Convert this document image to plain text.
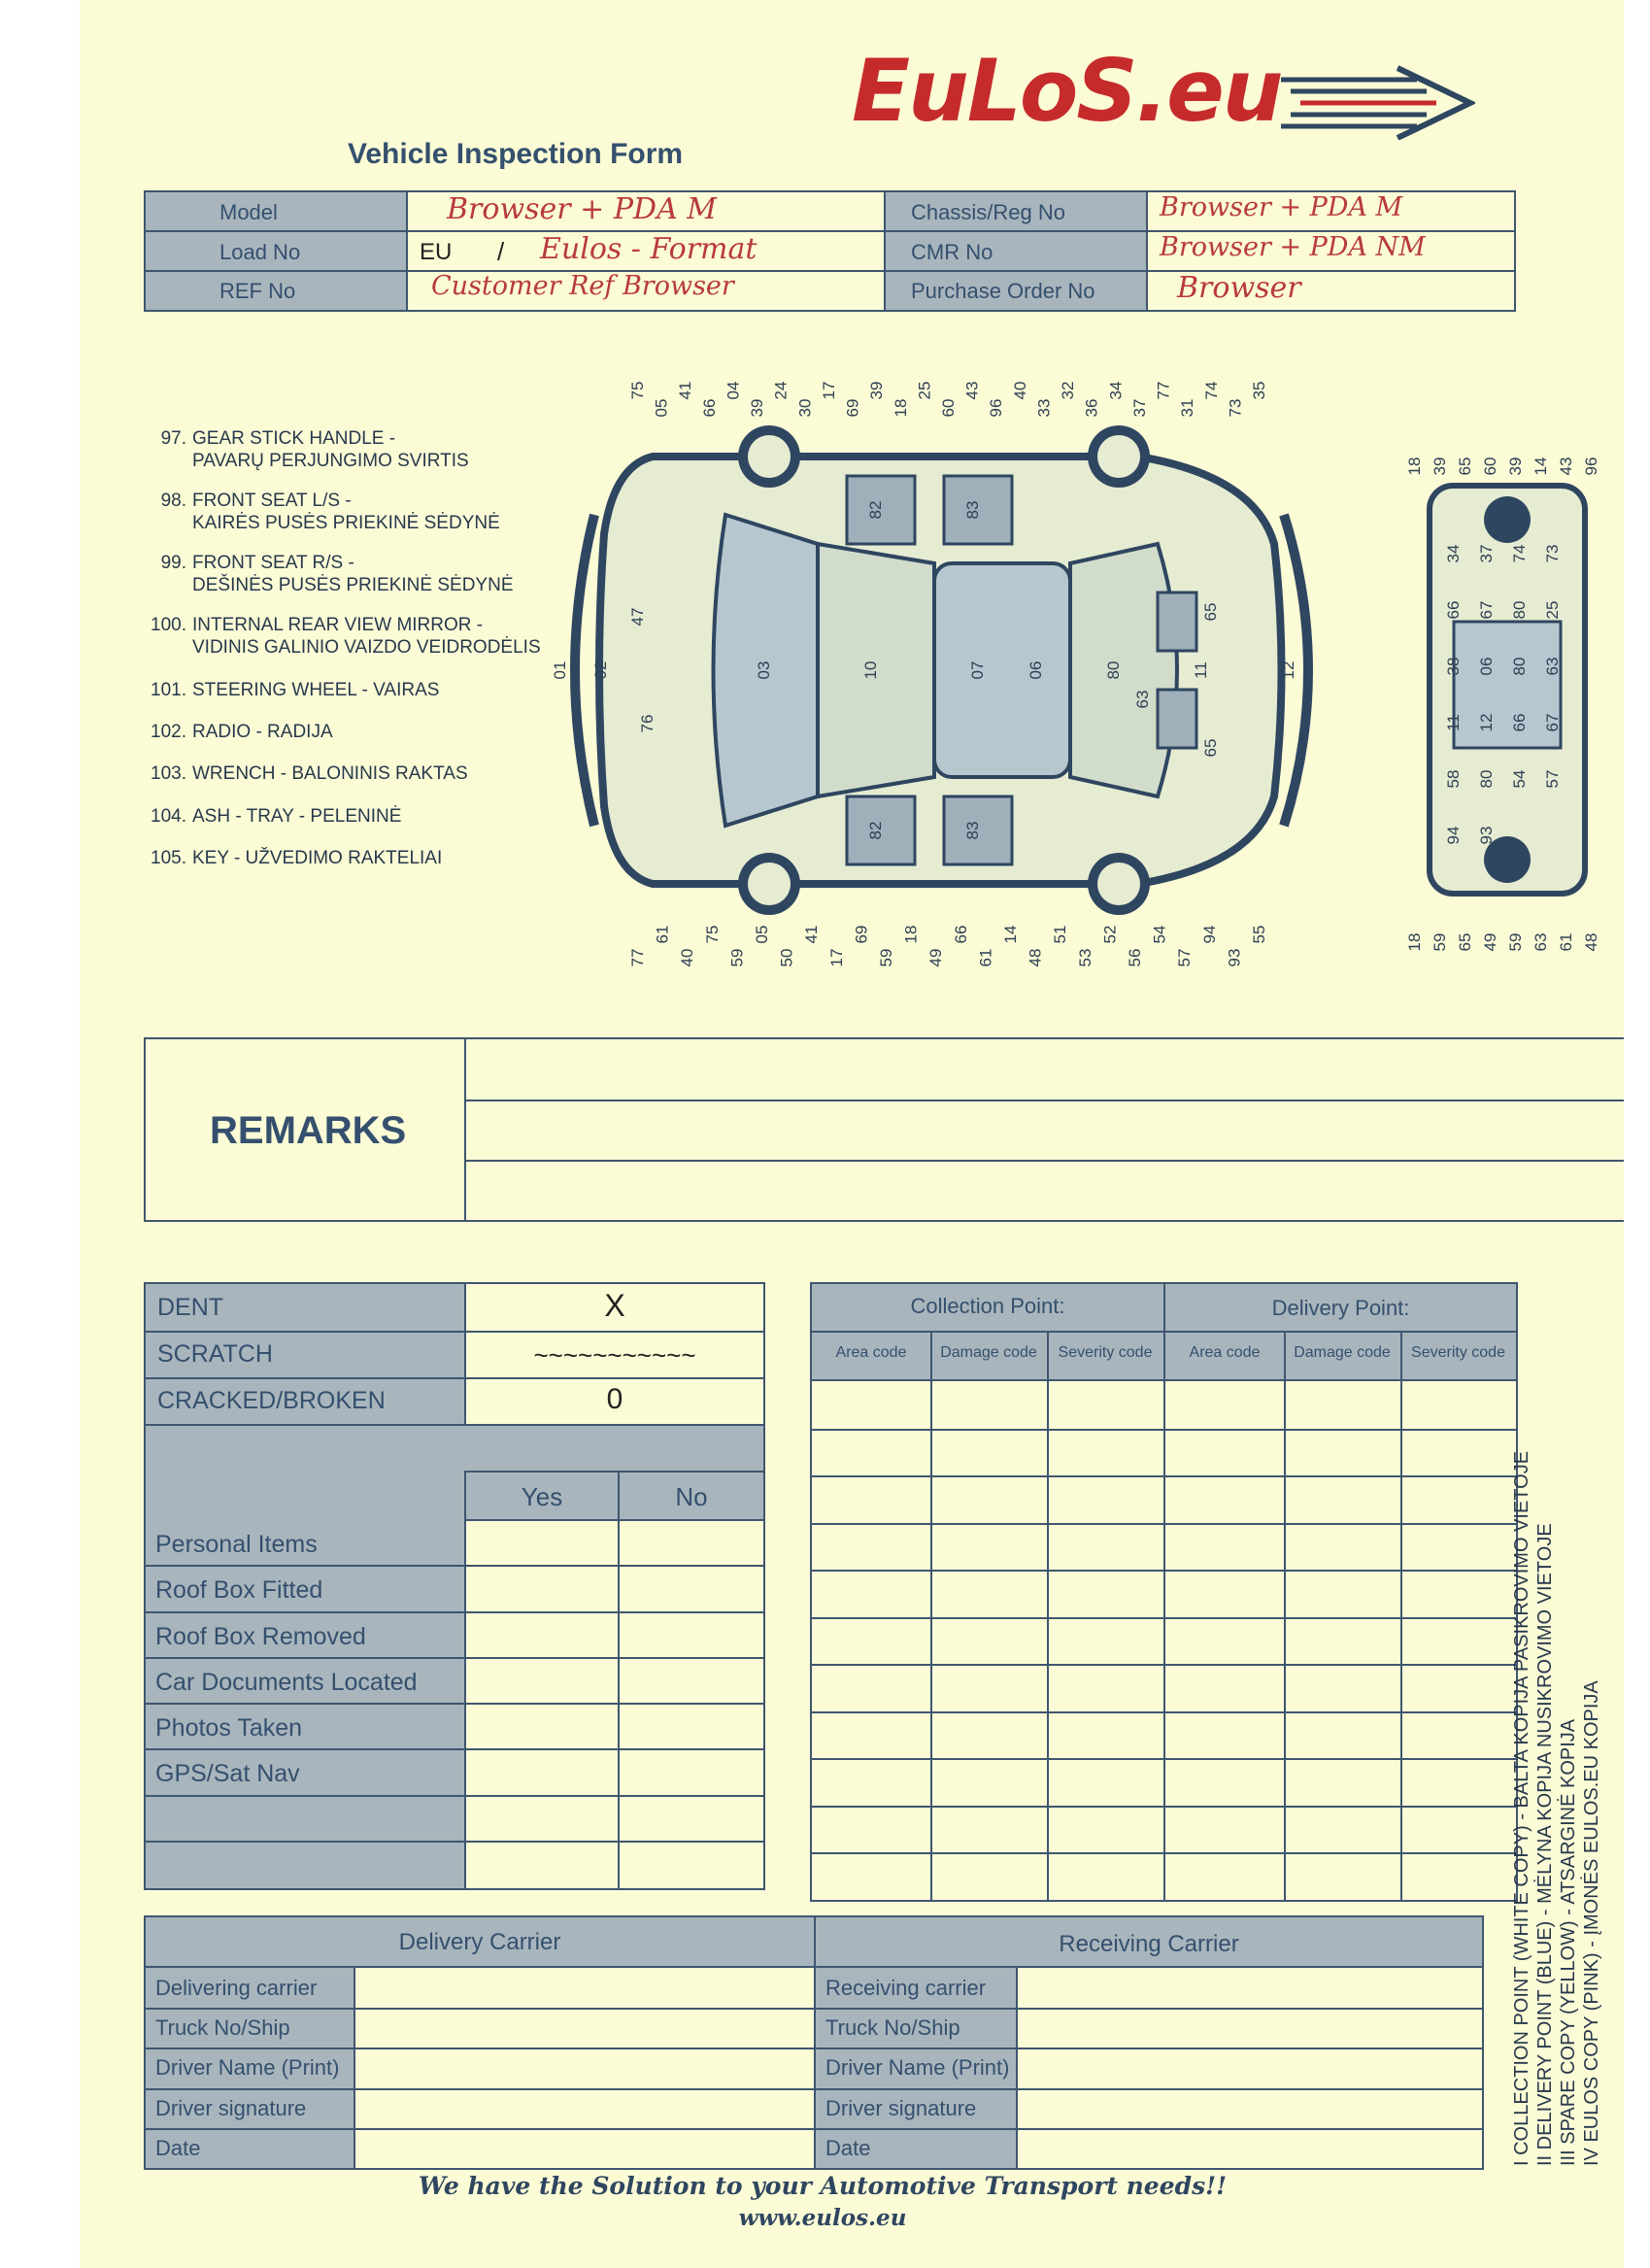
EuLoS.eu
Vehicle Inspection Form
Model	Browser + PDA M	Chassis/Reg No	Browser + PDA M
Load No	EU / Eulos - Format	CMR No	Browser + PDA NM
REF No	Customer Ref Browser	Purchase Order No	Browser
97. GEAR STICK HANDLE -
PAVARŲ PERJUNGIMO SVIRTIS
98. FRONT SEAT L/S -
KAIRĖS PUSĖS PRIEKINĖ SĖDYNĖ
99. FRONT SEAT R/S -
DEŠINĖS PUSĖS PRIEKINĖ SĖDYNĖ
100. INTERNAL REAR VIEW MIRROR -
VIDINIS GALINIO VAIZDO VEIDRODĖLIS
101. STEERING WHEEL - VAIRAS
102. RADIO - RADIJA
103. WRENCH - BALONINIS RAKTAS
104. ASH - TRAY - PELENINĖ
105. KEY - UŽVEDIMO RAKTELIAI
01 02
47
76
03	10	07 06	11
80
63
65
12
82	83
82	83
65
75
05
41
66
04
39
24
30
17
69
39
18
25
60
43
96
40
33
32
36
34
37
77
31
74
73
35
77
61
40
75
59
05
50
41
17
69
59
18
49
66
61
14
48
51
53
52
56
54
57
94
93
55
18 39 65 60 39 14 43 96
18 59 65 49 59 63 61 48
34 37 74 73
66 67 80 25
38 06 80 63
11 12 66 67
58 80 54 57
94 93
REMARKS
DENT	X
SCRATCH	~~~~~~~~~~~
CRACKED/BROKEN	0
Yes	No
Personal Items
Roof Box Fitted
Roof Box Removed
Car Documents Located
Photos Taken
GPS/Sat Nav
Collection Point:	Delivery Point:
Area code	Damage code	Severity code	Area code	Damage code	Severity code
I COLLECTION POINT (WHITE COPY) - BALTA KOPIJA PASIKROVIMO VIETOJE II DELIVERY POINT (BLUE) - MĖLYNA KOPIJA NUSIKROVIMO VIETOJE III SPARE COPY (YELLOW) - ATSARGINĖ KOPIJA IV EULOS COPY (PINK) - ĮMONĖS EULOS.EU KOPIJA
Delivery Carrier	Receiving Carrier
Delivering carrier	Receiving carrier
Truck No/Ship	Truck No/Ship
Driver Name (Print)	Driver Name (Print)
Driver signature	Driver signature
Date	Date
We have the Solution to your Automotive Transport needs!!
www.eulos.eu
